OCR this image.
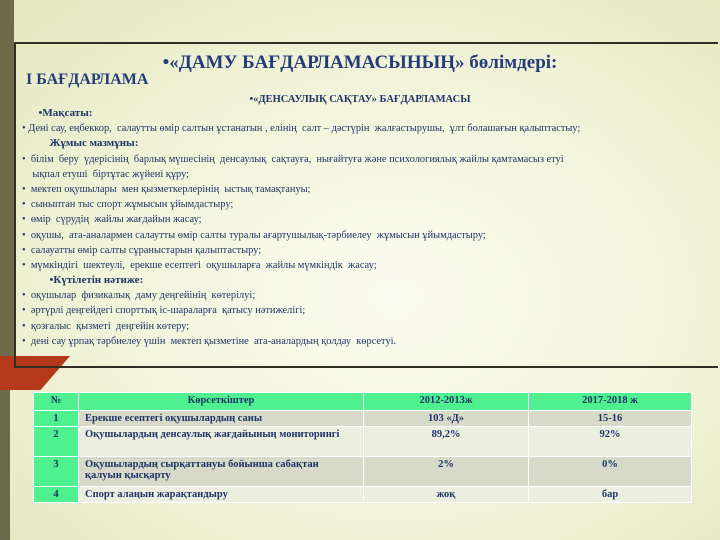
•«ДАМУ БАҒДАРЛАМАСЫНЫҢ» бөлімдері:
І БАҒДАРЛАМА
•«ДЕНСАУЛЫҚ САҚТАУ» БАҒДАРЛАМАСЫ
•Мақсаты:
• Дені сау, еңбеккор,  салаутты өмір салтын ұстанатын , елінің  салт – дәстүрін  жалғастырушы,  ұлт болашағын қалыптастыу;
Жұмыс мазмұны:
•  білім  беру  үдерісінің  барлық мүшесінің  денсаулық  сақтауға,  нығайтуға және психологиялық жайлы қамтамасыз етуі
ықпал етуші  біртұтас жүйені құру;
•  мектеп оқушылары  мен қызметкерлерінің  ыстық тамақтануы;
•  сыныптан тыс спорт жұмысын ұйымдастыру;
•  өмір  сүрудің  жайлы жағдайын жасау;
•  оқушы,  ата-аналармен салаутты өмір салты туралы ағартушылық-тәрбиелеу  жұмысын ұйымдастыру;
•  салауатты өмір салты сұраныстарын қалыптастыру;
•  мүмкіндігі  шектеулі,  ерекше есептегі  оқушыларға  жайлы мүмкіндік  жасау;
•Күтілетін нәтиже:
•  оқушылар  физикалық  даму деңгейінің  көтерілуі;
•  әртүрлі деңгейдегі спорттық іс-шараларға  қатысу нәтижелігі;
•  қозғалыс  қызметі  деңгейін көтеру;
•  дені сау ұрпақ тәрбиелеу үшін  мектеп қызметіне  ата-аналардың қолдау  көрсетуі.
№	Көрсеткіштер	2012-2013ж	2017-2018 ж
1	Ерекше есептегі оқушылардың саны	103 «Д»	15-16
2	Оқушылардың денсаулық жағдайының мониторингі	89,2%	92%
3	Оқушылардың сырқаттануы бойынша сабақтан қалуын қысқарту	2%	0%
4	Спорт алаңын жарақтандыру	жоқ	бар
